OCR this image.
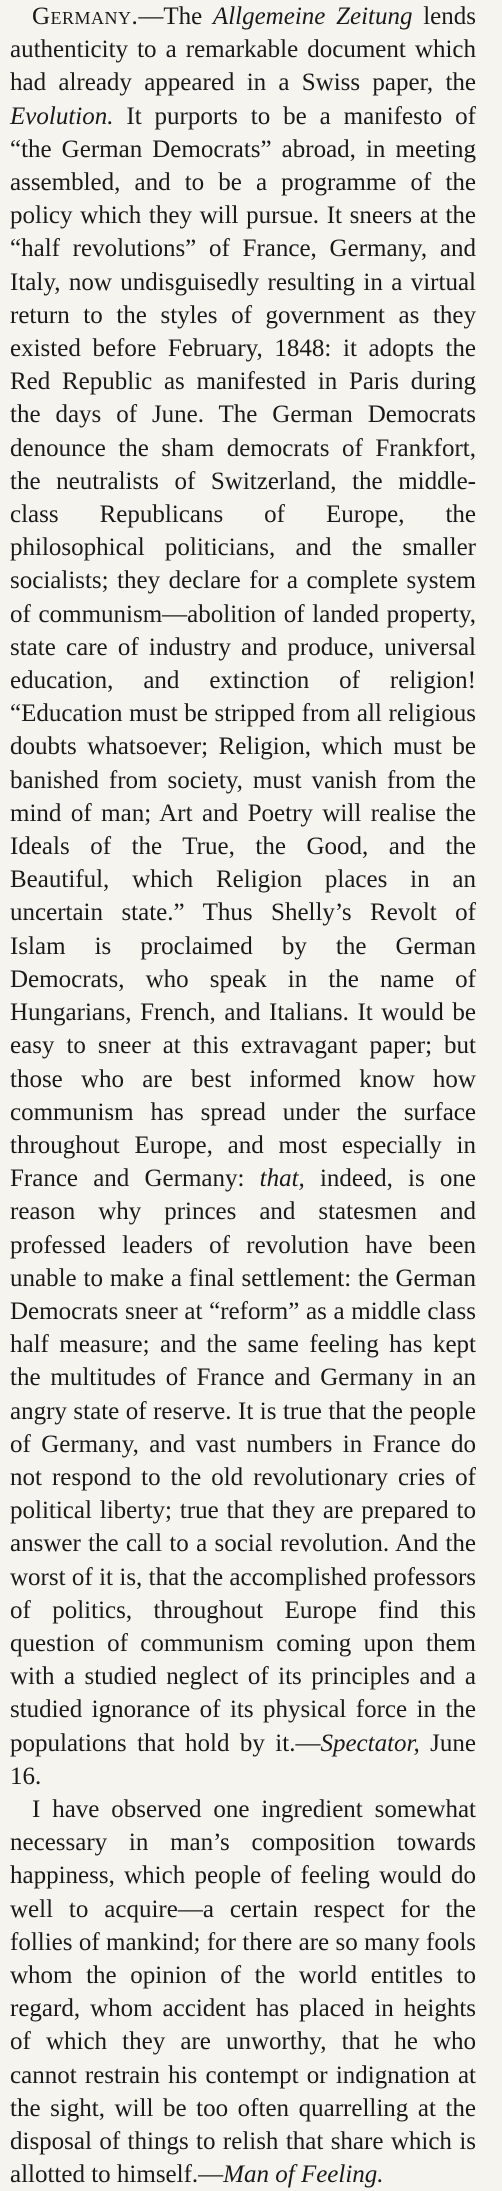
Germany.—The Allgemeine Zeitung lends authenticity to a remarkable document which had already appeared in a Swiss paper, the Evolution. It purports to be a manifesto of “the German Democrats” abroad, in meeting assembled, and to be a programme of the policy which they will pursue. It sneers at the “half revolutions” of France, Germany, and Italy, now undisguisedly resulting in a virtual return to the styles of government as they existed before February, 1848: it adopts the Red Republic as manifested in Paris during the days of June. The German Democrats denounce the sham democrats of Frankfort, the neutralists of Switzerland, the middle-class Republicans of Europe, the philosophical politicians, and the smaller socialists; they declare for a complete system of communism—abolition of landed property, state care of industry and produce, universal education, and extinction of religion! “Education must be stripped from all religious doubts whatsoever; Religion, which must be banished from society, must vanish from the mind of man; Art and Poetry will realise the Ideals of the True, the Good, and the Beautiful, which Religion places in an uncertain state.” Thus Shelly’s Revolt of Islam is proclaimed by the German Democrats, who speak in the name of Hungarians, French, and Italians. It would be easy to sneer at this extravagant paper; but those who are best informed know how communism has spread under the surface throughout Europe, and most especially in France and Germany: that, indeed, is one reason why princes and statesmen and professed leaders of revolution have been unable to make a final settlement: the German Democrats sneer at “reform” as a middle class half measure; and the same feeling has kept the multitudes of France and Germany in an angry state of reserve. It is true that the people of Germany, and vast numbers in France do not respond to the old revolutionary cries of political liberty; true that they are prepared to answer the call to a social revolution. And the worst of it is, that the accomplished professors of politics, throughout Europe find this question of communism coming upon them with a studied neglect of its principles and a studied ignorance of its physical force in the populations that hold by it.—Spectator, June 16.

I have observed one ingredient somewhat necessary in man’s composition towards happiness, which people of feeling would do well to acquire—a certain respect for the follies of mankind; for there are so many fools whom the opinion of the world entitles to regard, whom accident has placed in heights of which they are unworthy, that he who cannot restrain his contempt or indignation at the sight, will be too often quarrelling at the disposal of things to relish that share which is allotted to himself.—Man of Feeling.
